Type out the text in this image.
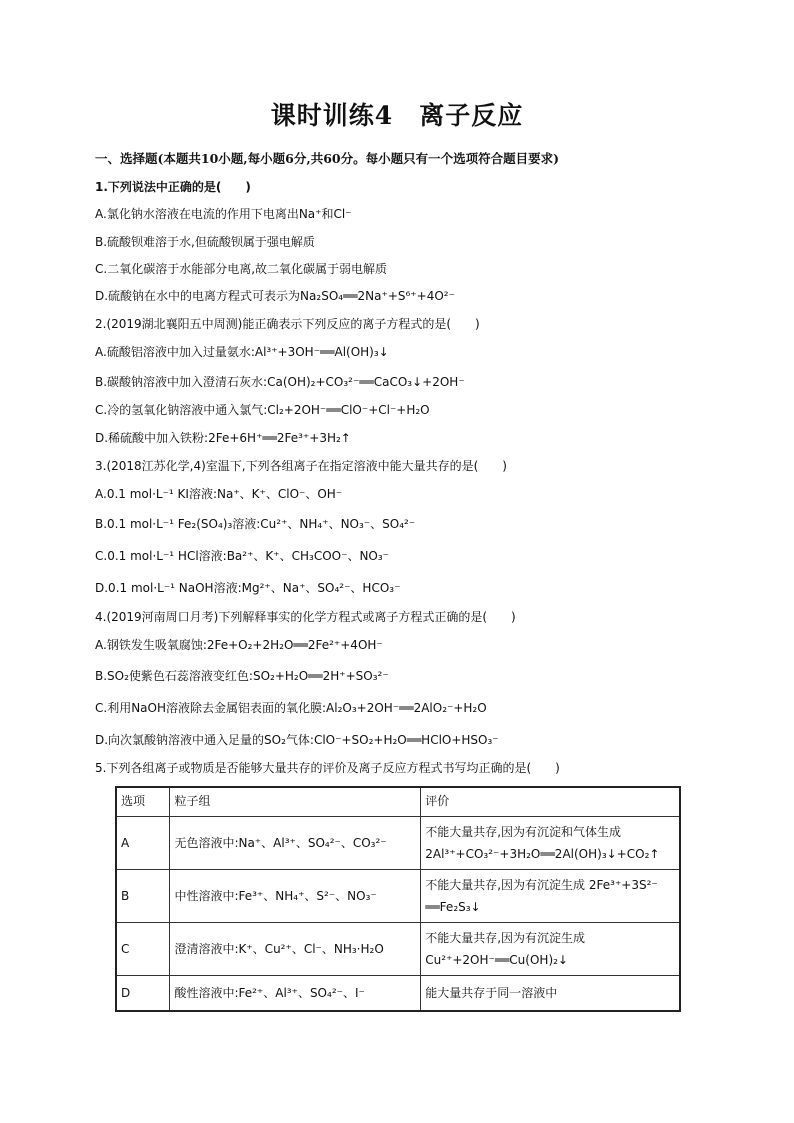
课时训练4　离子反应
一、选择题(本题共10小题,每小题6分,共60分。每小题只有一个选项符合题目要求)
1.下列说法中正确的是(　　)
A.氯化钠水溶液在电流的作用下电离出Na⁺和Cl⁻
B.硫酸钡难溶于水,但硫酸钡属于强电解质
C.二氧化碳溶于水能部分电离,故二氧化碳属于弱电解质
D.硫酸钠在水中的电离方程式可表示为Na₂SO₄══2Na⁺+S⁶⁺+4O²⁻
2.(2019湖北襄阳五中周测)能正确表示下列反应的离子方程式的是(　　)
A.硫酸铝溶液中加入过量氨水:Al³⁺+3OH⁻══Al(OH)₃↓
B.碳酸钠溶液中加入澄清石灰水:Ca(OH)₂+CO₃²⁻══CaCO₃↓+2OH⁻
C.冷的氢氧化钠溶液中通入氯气:Cl₂+2OH⁻══ClO⁻+Cl⁻+H₂O
D.稀硫酸中加入铁粉:2Fe+6H⁺══2Fe³⁺+3H₂↑
3.(2018江苏化学,4)室温下,下列各组离子在指定溶液中能大量共存的是(　　)
A.0.1 mol·L⁻¹ KI溶液:Na⁺、K⁺、ClO⁻、OH⁻
B.0.1 mol·L⁻¹ Fe₂(SO₄)₃溶液:Cu²⁺、NH₄⁺、NO₃⁻、SO₄²⁻
C.0.1 mol·L⁻¹ HCl溶液:Ba²⁺、K⁺、CH₃COO⁻、NO₃⁻
D.0.1 mol·L⁻¹ NaOH溶液:Mg²⁺、Na⁺、SO₄²⁻、HCO₃⁻
4.(2019河南周口月考)下列解释事实的化学方程式或离子方程式正确的是(　　)
A.钢铁发生吸氧腐蚀:2Fe+O₂+2H₂O══2Fe²⁺+4OH⁻
B.SO₂使紫色石蕊溶液变红色:SO₂+H₂O══2H⁺+SO₃²⁻
C.利用NaOH溶液除去金属铝表面的氧化膜:Al₂O₃+2OH⁻══2AlO₂⁻+H₂O
D.向次氯酸钠溶液中通入足量的SO₂气体:ClO⁻+SO₂+H₂O══HClO+HSO₃⁻
5.下列各组离子或物质是否能够大量共存的评价及离子反应方程式书写均正确的是(　　)
选项	粒子组	评价
A	无色溶液中:Na⁺、Al³⁺、SO₄²⁻、CO₃²⁻	不能大量共存,因为有沉淀和气体生成
2Al³⁺+CO₃²⁻+3H₂O══2Al(OH)₃↓+CO₂↑

B	中性溶液中:Fe³⁺、NH₄⁺、S²⁻、NO₃⁻	不能大量共存,因为有沉淀生成 2Fe³⁺+3S²⁻
══Fe₂S₃↓

C	澄清溶液中:K⁺、Cu²⁺、Cl⁻、NH₃·H₂O	不能大量共存,因为有沉淀生成
Cu²⁺+2OH⁻══Cu(OH)₂↓

D	酸性溶液中:Fe²⁺、Al³⁺、SO₄²⁻、I⁻	能大量共存于同一溶液中
